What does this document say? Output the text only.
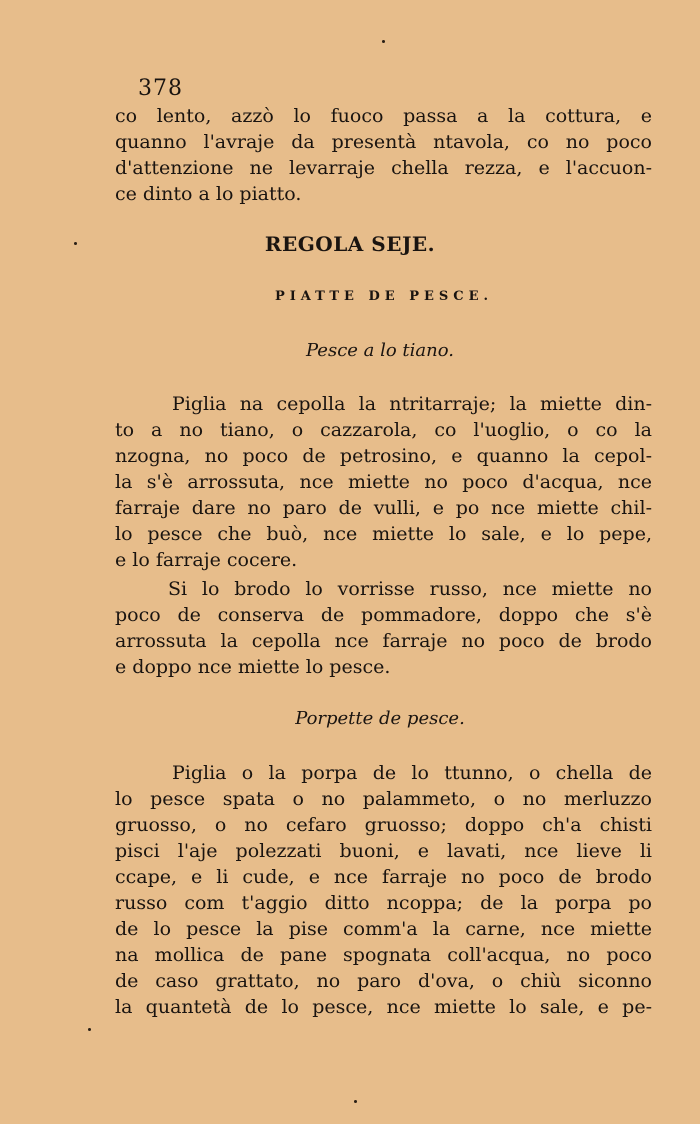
378
co lento, azzò lo fuoco passa a la cottura, e
quanno l'avraje da presentà ntavola, co no poco
d'attenzione ne levarraje chella rezza, e l'accuon-
ce dinto a lo piatto.
REGOLA SEJE.
PIATTE DE PESCE.
Pesce a lo tiano.
Piglia na cepolla la ntritarraje; la miette din-
to a no tiano, o cazzarola, co l'uoglio, o co la
nzogna, no poco de petrosino, e quanno la cepol-
la s'è arrossuta, nce miette no poco d'acqua, nce
farraje dare no paro de vulli, e po nce miette chil-
lo pesce che buò, nce miette lo sale, e lo pepe,
e lo farraje cocere.
Si lo brodo lo vorrisse russo, nce miette no
poco de conserva de pommadore, doppo che s'è
arrossuta la cepolla nce farraje no poco de brodo
e doppo nce miette lo pesce.
Porpette de pesce.
Piglia o la porpa de lo ttunno, o chella de
lo pesce spata o no palammeto, o no merluzzo
gruosso, o no cefaro gruosso; doppo ch'a chisti
pisci l'aje polezzati buoni, e lavati, nce lieve li
ccape, e li cude, e nce farraje no poco de brodo
russo com t'aggio ditto ncoppa; de la porpa po
de lo pesce la pise comm'a la carne, nce miette
na mollica de pane spognata coll'acqua, no poco
de caso grattato, no paro d'ova, o chiù siconno
la quantetà de lo pesce, nce miette lo sale, e pe-
